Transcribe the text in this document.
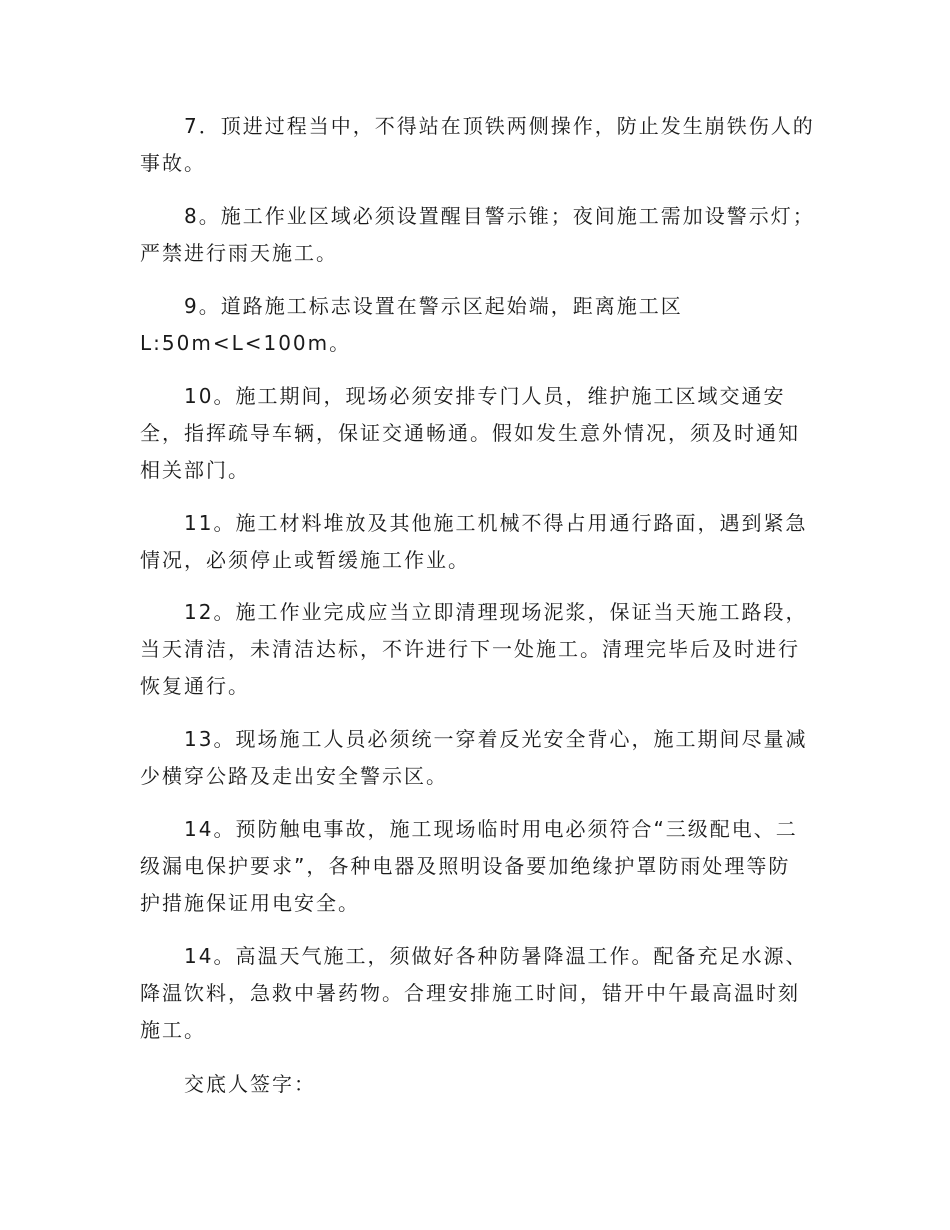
7．顶进过程当中，不得站在顶铁两侧操作，防止发生崩铁伤人的
事故。
8。施工作业区域必须设置醒目警示锥；夜间施工需加设警示灯；
严禁进行雨天施工。
9。道路施工标志设置在警示区起始端，距离施工区
L:50m<L<100m。
10。施工期间，现场必须安排专门人员，维护施工区域交通安
全，指挥疏导车辆，保证交通畅通。假如发生意外情况，须及时通知
相关部门。
11。施工材料堆放及其他施工机械不得占用通行路面，遇到紧急
情况，必须停止或暂缓施工作业。
12。施工作业完成应当立即清理现场泥浆，保证当天施工路段，
当天清洁，未清洁达标，不许进行下一处施工。清理完毕后及时进行
恢复通行。
13。现场施工人员必须统一穿着反光安全背心，施工期间尽量减
少横穿公路及走出安全警示区。
14。预防触电事故，施工现场临时用电必须符合“三级配电、二
级漏电保护要求”，各种电器及照明设备要加绝缘护罩防雨处理等防
护措施保证用电安全。
14。高温天气施工，须做好各种防暑降温工作。配备充足水源、
降温饮料，急救中暑药物。合理安排施工时间，错开中午最高温时刻
施工。
交底人签字：
